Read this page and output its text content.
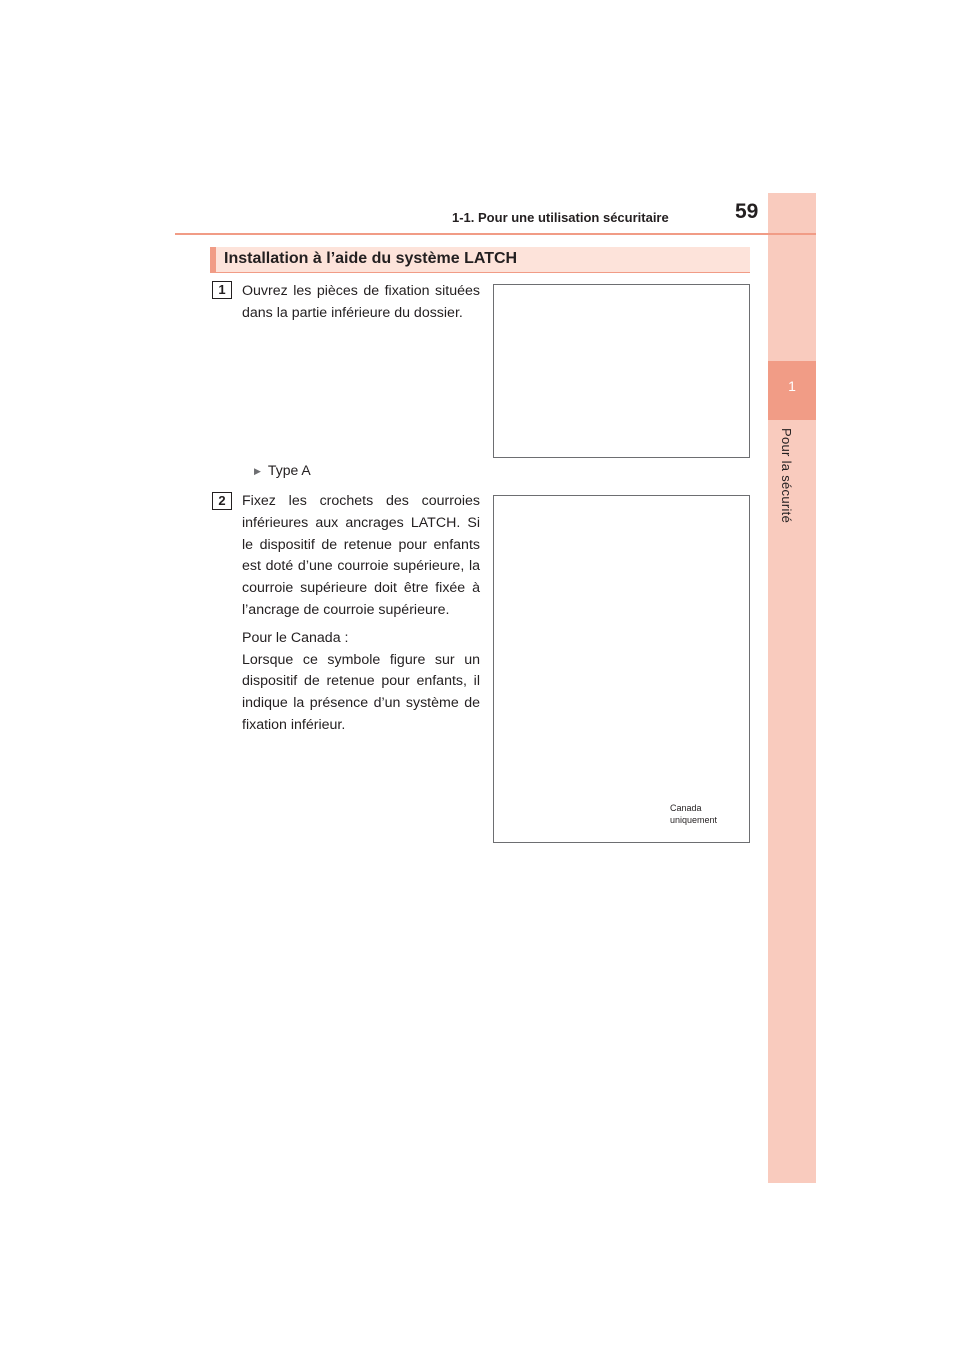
1
Pour la sécurité
1-1. Pour une utilisation sécuritaire	59
Installation à l’aide du système LATCH
1	Ouvrez les pièces de fixation situées dans la partie inférieure du dossier.

▶ Type A
2	Fixez les crochets des courroies inférieures aux ancrages LATCH. Si le dispositif de retenue pour enfants est doté d’une courroie supérieure, la courroie supérieure doit être fixée à l’ancrage de courroie supérieure.

Pour le Canada :

Lorsque ce symbole figure sur un dispositif de retenue pour enfants, il indique la présence d’un système de fixation inférieur.

Canada
uniquement
